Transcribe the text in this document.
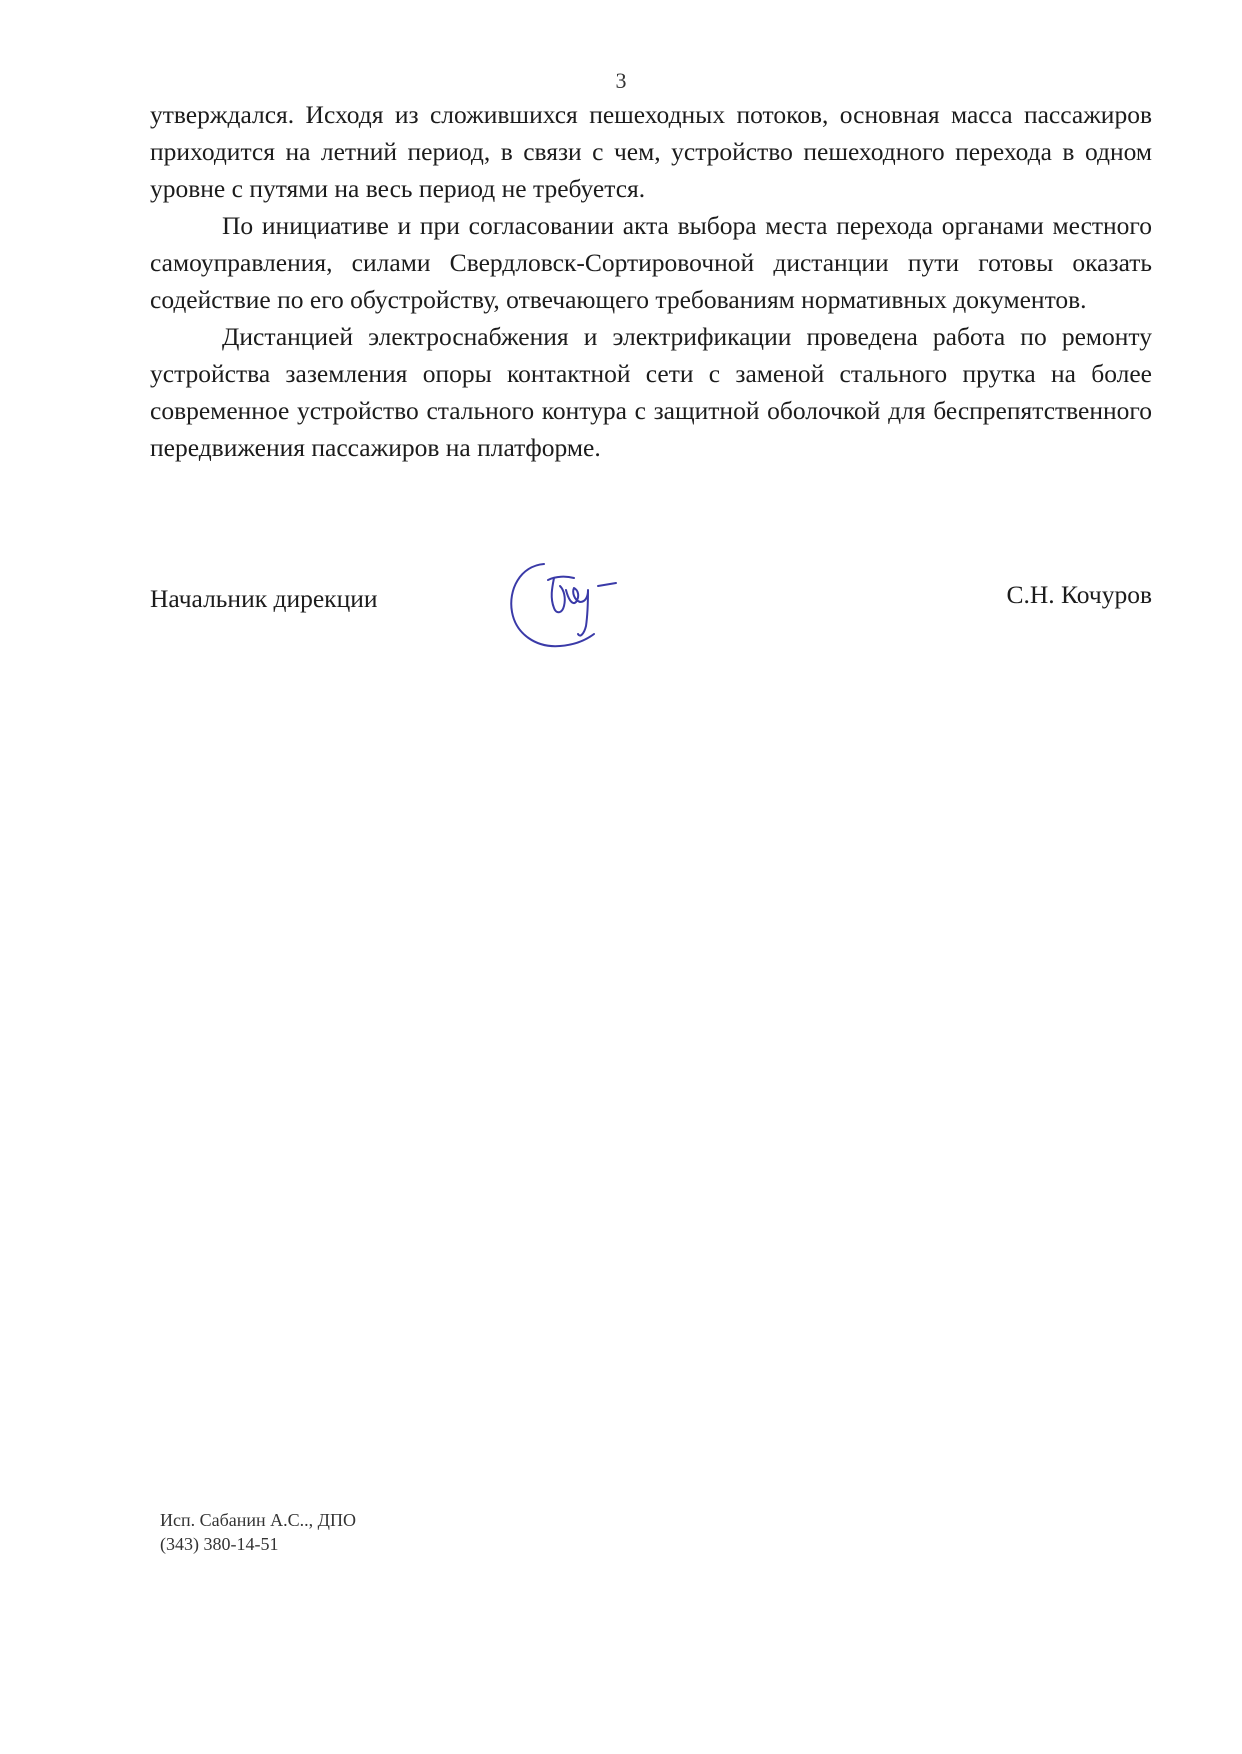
3

утверждался. Исходя из сложившихся пешеходных потоков, основная масса пассажиров приходится на летний период, в связи с чем, устройство пешеходного перехода в одном уровне с путями на весь период не требуется.

По инициативе и при согласовании акта выбора места перехода органами местного самоуправления, силами Свердловск-Сортировочной дистанции пути готовы оказать содействие по его обустройству, отвечающего требованиям нормативных документов.

Дистанцией электроснабжения и электрификации проведена работа по ремонту устройства заземления опоры контактной сети с заменой стального прутка на более современное устройство стального контура с защитной оболочкой для беспрепятственного передвижения пассажиров на платформе.

Начальник дирекции	С.Н. Кочуров
Исп. Сабанин А.С.., ДПО
(343) 380-14-51
